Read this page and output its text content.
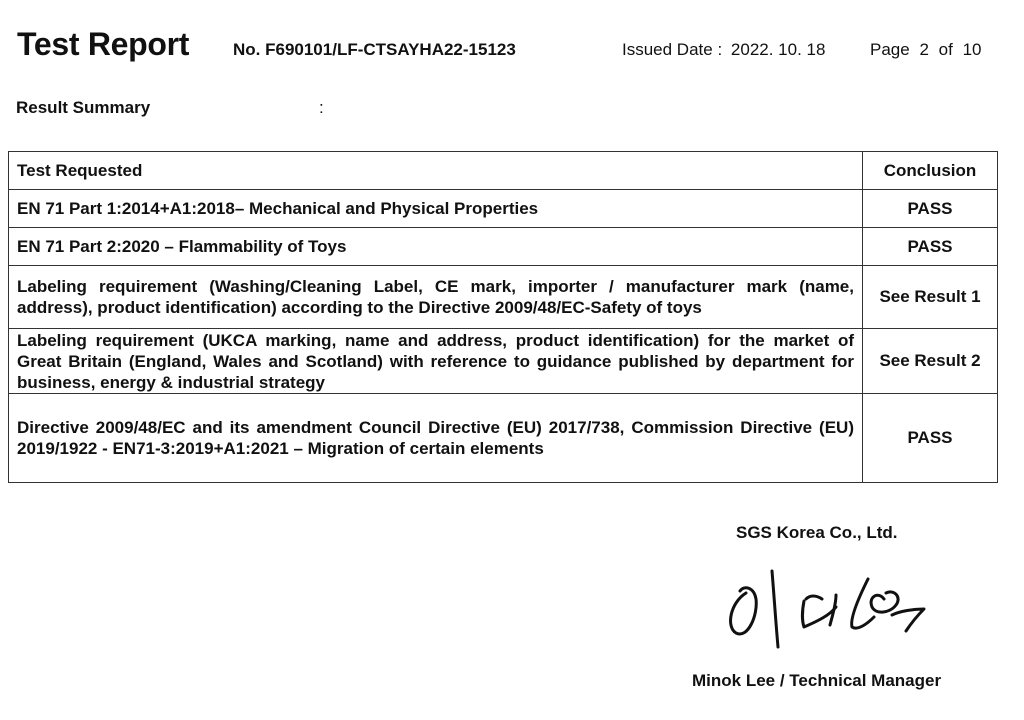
Test Report	No. F690101/LF-CTSAYHA22-15123	Issued Date : 2022. 10. 18	Page 2 of 10
Result Summary	:
Test Requested	Conclusion
EN 71 Part 1:2014+A1:2018– Mechanical and Physical Properties	PASS
EN 71 Part 2:2020 – Flammability of Toys	PASS
Labeling requirement (Washing/Cleaning Label, CE mark, importer / manufacturer mark (name, address), product identification) according to the Directive 2009/48/EC-Safety of toys	See Result 1
Labeling requirement (UKCA marking, name and address, product identification) for the market of Great Britain (England, Wales and Scotland) with reference to guidance published by department for business, energy & industrial strategy	See Result 2
Directive 2009/48/EC and its amendment Council Directive (EU) 2017/738, Commission Directive (EU) 2019/1922 - EN71-3:2019+A1:2021 – Migration of certain elements	PASS
SGS Korea Co., Ltd.
Minok Lee / Technical Manager
